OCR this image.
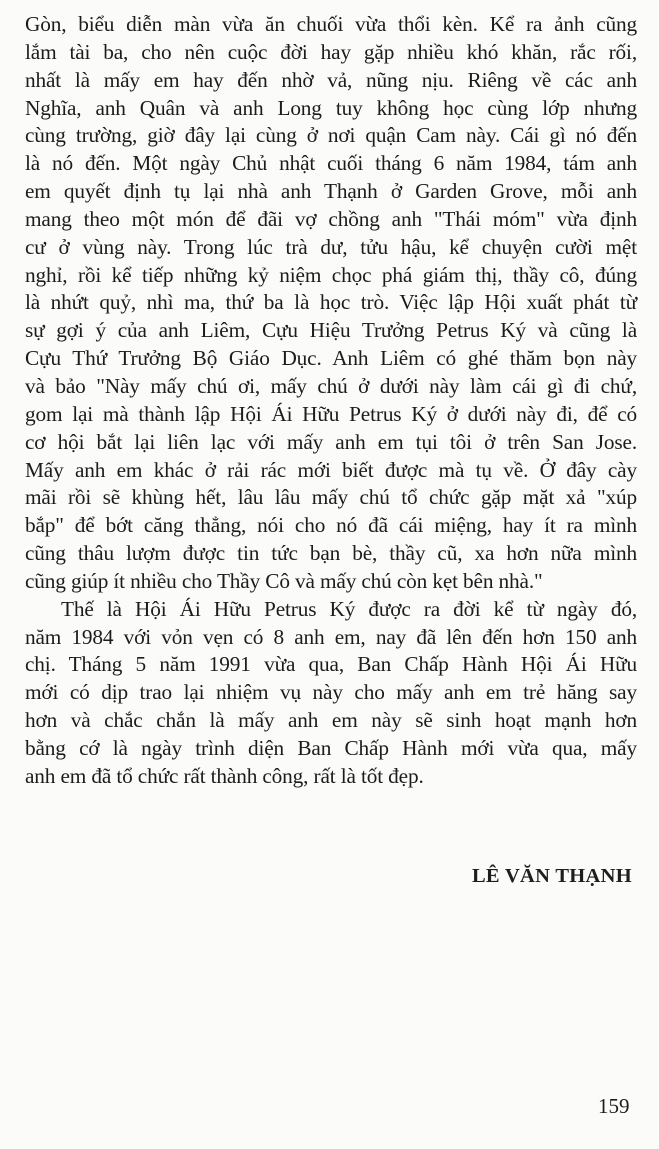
Gòn, biểu diễn màn vừa ăn chuối vừa thổi kèn. Kể ra ảnh cũng
lắm tài ba, cho nên cuộc đời hay gặp nhiều khó khăn, rắc rối,
nhất là mấy em hay đến nhờ vả, nũng nịu. Riêng về các anh
Nghĩa, anh Quân và anh Long tuy không học cùng lớp nhưng
cùng trường, giờ đây lại cùng ở nơi quận Cam này. Cái gì nó đến
là nó đến. Một ngày Chủ nhật cuối tháng 6 năm 1984, tám anh
em quyết định tụ lại nhà anh Thạnh ở Garden Grove, mỗi anh
mang theo một món để đãi vợ chồng anh "Thái móm" vừa định
cư ở vùng này. Trong lúc trà dư, tửu hậu, kể chuyện cười mệt
nghỉ, rồi kể tiếp những kỷ niệm chọc phá giám thị, thầy cô, đúng
là nhứt quỷ, nhì ma, thứ ba là học trò. Việc lập Hội xuất phát từ
sự gợi ý của anh Liêm, Cựu Hiệu Trưởng Petrus Ký và cũng là
Cựu Thứ Trưởng Bộ Giáo Dục. Anh Liêm có ghé thăm bọn này
và bảo "Này mấy chú ơi, mấy chú ở dưới này làm cái gì đi chứ,
gom lại mà thành lập Hội Ái Hữu Petrus Ký ở dưới này đi, để có
cơ hội bắt lại liên lạc với mấy anh em tụi tôi ở trên San Jose.
Mấy anh em khác ở rải rác mới biết được mà tụ về. Ở đây cày
mãi rồi sẽ khùng hết, lâu lâu mấy chú tổ chức gặp mặt xả "xúp
bắp" để bớt căng thẳng, nói cho nó đã cái miệng, hay ít ra mình
cũng thâu lượm được tin tức bạn bè, thầy cũ, xa hơn nữa mình
cũng giúp ít nhiều cho Thầy Cô và mấy chú còn kẹt bên nhà."
Thế là Hội Ái Hữu Petrus Ký được ra đời kể từ ngày đó,
năm 1984 với vỏn vẹn có 8 anh em, nay đã lên đến hơn 150 anh
chị. Tháng 5 năm 1991 vừa qua, Ban Chấp Hành Hội Ái Hữu
mới có dịp trao lại nhiệm vụ này cho mấy anh em trẻ hăng say
hơn và chắc chắn là mấy anh em này sẽ sinh hoạt mạnh hơn
bằng cớ là ngày trình diện Ban Chấp Hành mới vừa qua, mấy
anh em đã tổ chức rất thành công, rất là tốt đẹp.
LÊ VĂN THẠNH
159
